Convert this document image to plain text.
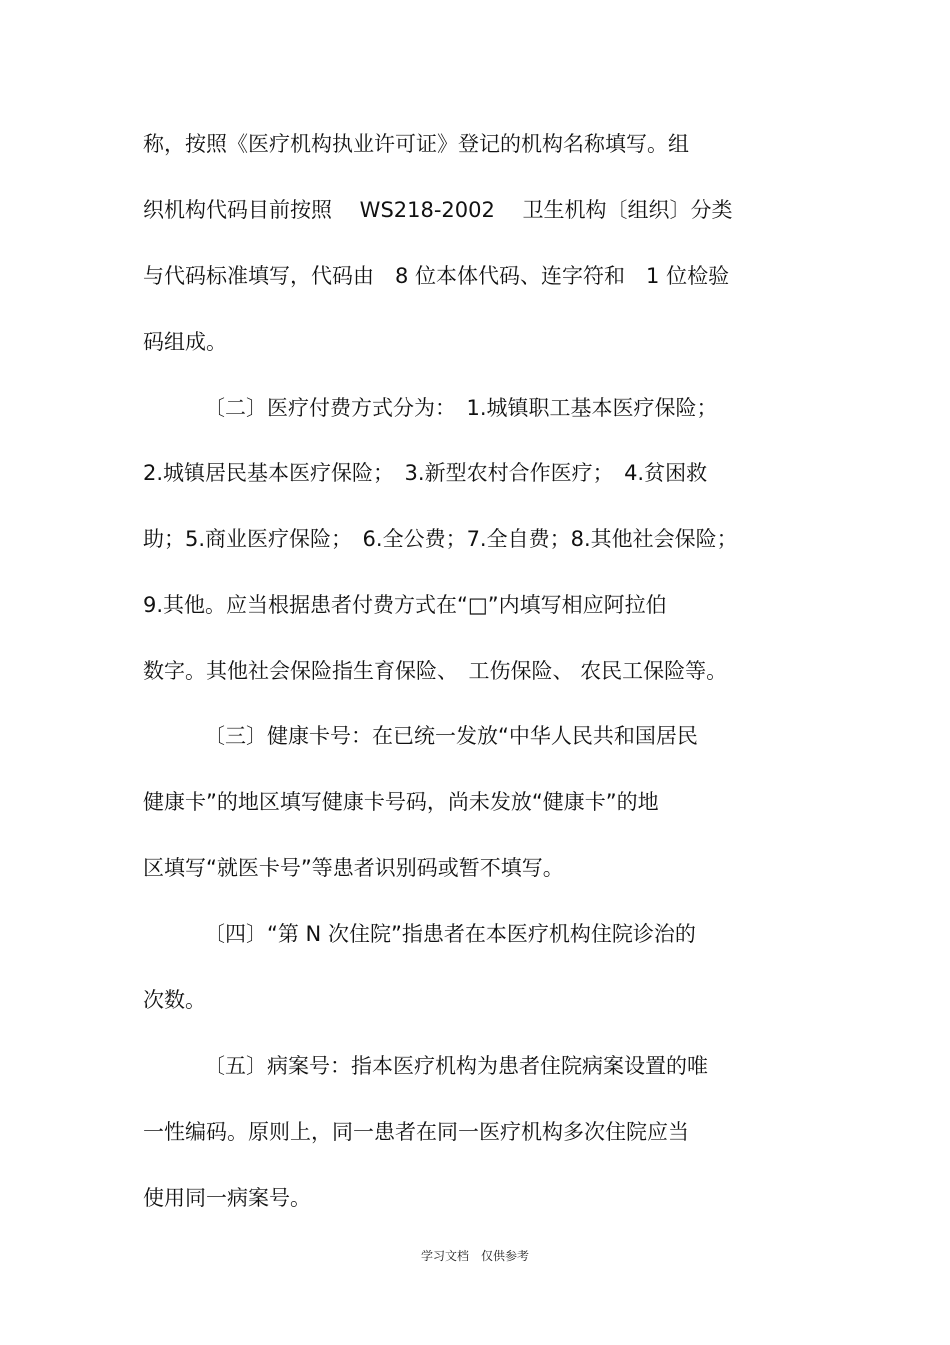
称，按照《医疗机构执业许可证》登记的机构名称填写。组
织机构代码目前按照　 WS218-2002 　卫生机构〔组织〕分类
与代码标准填写，代码由　8 位本体代码、连字符和　1 位检验
码组成。
〔二〕医疗付费方式分为：　1.城镇职工基本医疗保险；
2.城镇居民基本医疗保险；　3.新型农村合作医疗；　4.贫困救
助；5.商业医疗保险；　6.全公费；7.全自费；8.其他社会保险；
9.其他。应当根据患者付费方式在“□”内填写相应阿拉伯
数字。其他社会保险指生育保险、　工伤保险、 农民工保险等。
〔三〕健康卡号：在已统一发放“中华人民共和国居民
健康卡”的地区填写健康卡号码，尚未发放“健康卡”的地
区填写“就医卡号”等患者识别码或暂不填写。
〔四〕“第 N 次住院”指患者在本医疗机构住院诊治的
次数。
〔五〕病案号：指本医疗机构为患者住院病案设置的唯
一性编码。原则上，同一患者在同一医疗机构多次住院应当
使用同一病案号。
学习文档　仅供参考
